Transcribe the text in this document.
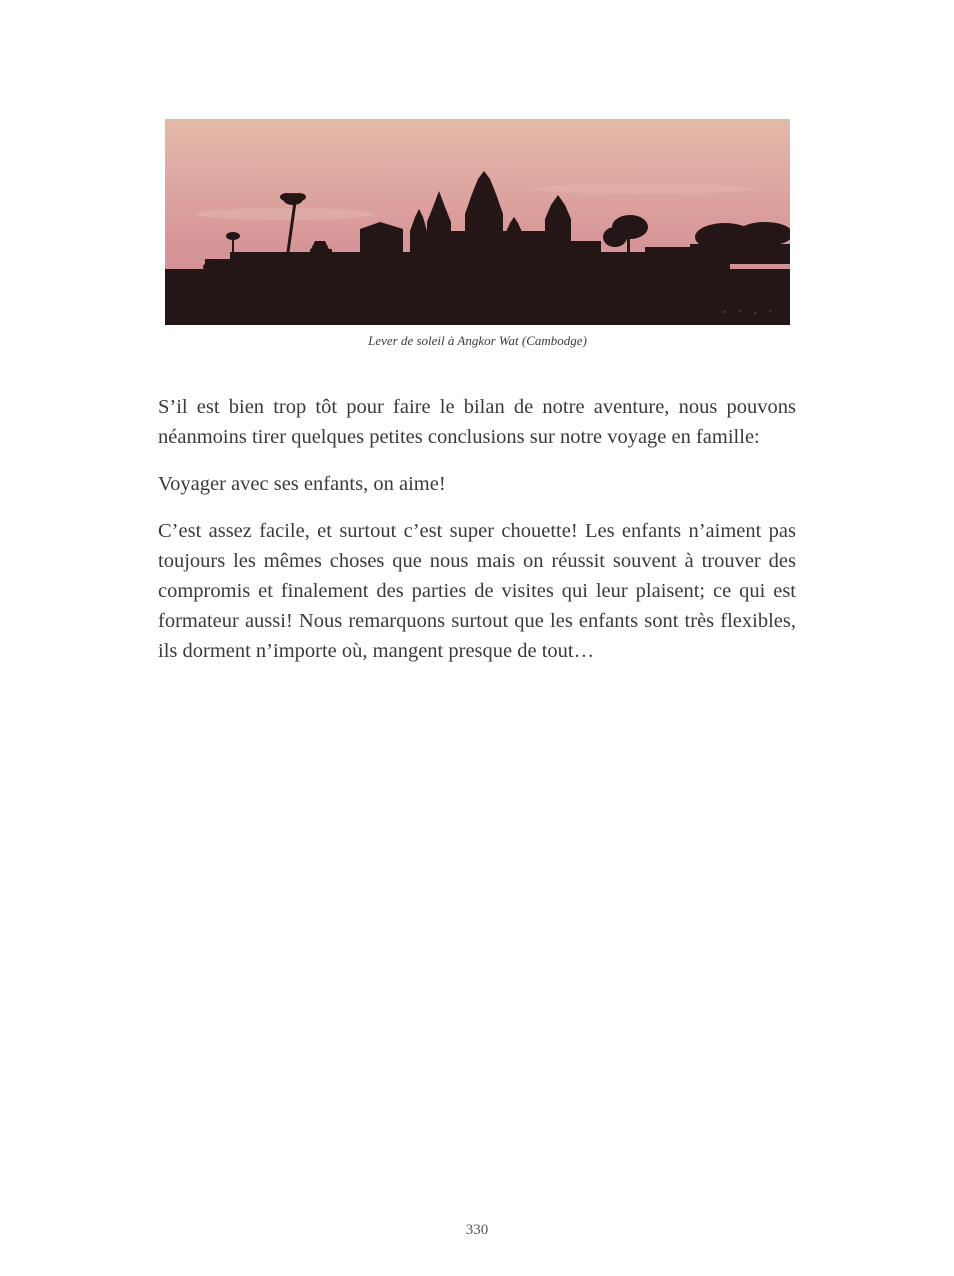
Lever de soleil à Angkor Wat (Cambodge)

S’il est bien trop tôt pour faire le bilan de notre aventure, nous pouvons néanmoins tirer quelques petites conclusions sur notre voyage en famille:

Voyager avec ses enfants, on aime!

C’est assez facile, et surtout c’est super chouette! Les enfants n’aiment pas toujours les mêmes choses que nous mais on réussit souvent à trouver des compromis et finalement des parties de visites qui leur plaisent; ce qui est formateur aussi! Nous remarquons surtout que les enfants sont très flexibles, ils dorment n’importe où, mangent presque de tout…

330
